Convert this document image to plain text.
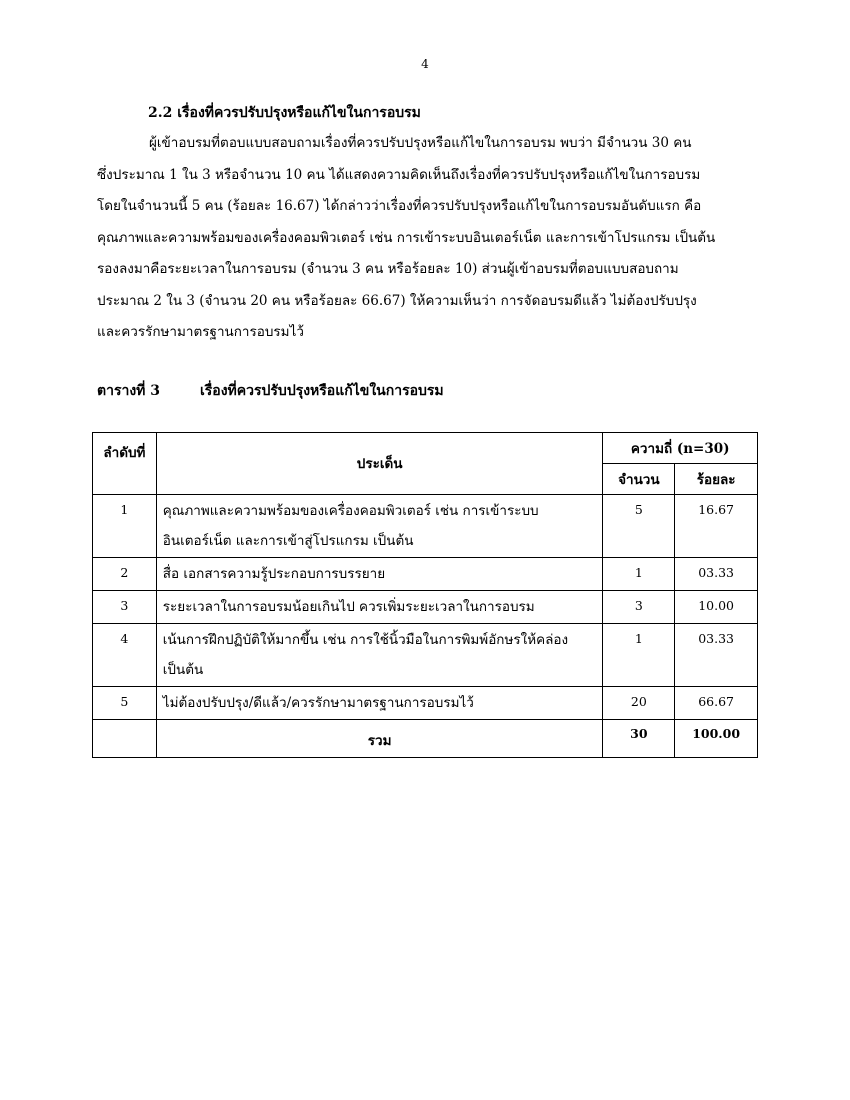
4
2.2 เรื่องที่ควรปรับปรุงหรือแก้ไขในการอบรม
ผู้เข้าอบรมที่ตอบแบบสอบถามเรื่องที่ควรปรับปรุงหรือแก้ไขในการอบรม พบว่า มีจำนวน 30 คน
ซึ่งประมาณ 1 ใน 3 หรือจำนวน 10 คน ได้แสดงความคิดเห็นถึงเรื่องที่ควรปรับปรุงหรือแก้ไขในการอบรม
โดยในจำนวนนี้ 5 คน (ร้อยละ 16.67) ได้กล่าวว่าเรื่องที่ควรปรับปรุงหรือแก้ไขในการอบรมอันดับแรก คือ
คุณภาพและความพร้อมของเครื่องคอมพิวเตอร์ เช่น การเข้าระบบอินเตอร์เน็ต และการเข้าโปรแกรม เป็นต้น
รองลงมาคือระยะเวลาในการอบรม (จำนวน 3 คน หรือร้อยละ 10) ส่วนผู้เข้าอบรมที่ตอบแบบสอบถาม
ประมาณ 2 ใน 3 (จำนวน 20 คน หรือร้อยละ 66.67) ให้ความเห็นว่า การจัดอบรมดีแล้ว ไม่ต้องปรับปรุง
และควรรักษามาตรฐานการอบรมไว้
ตารางที่ 3	เรื่องที่ควรปรับปรุงหรือแก้ไขในการอบรม
ลำดับที่	ประเด็น	ความถี่ (n=30)	
		จำนวน	ร้อยละ
1	คุณภาพและความพร้อมของเครื่องคอมพิวเตอร์ เช่น การเข้าระบบ
อินเตอร์เน็ต และการเข้าสู่โปรแกรม เป็นต้น	5	16.67
2	สื่อ เอกสารความรู้ประกอบการบรรยาย	1	03.33
3	ระยะเวลาในการอบรมน้อยเกินไป ควรเพิ่มระยะเวลาในการอบรม	3	10.00
4	เน้นการฝึกปฏิบัติให้มากขึ้น เช่น การใช้นิ้วมือในการพิมพ์อักษรให้คล่อง
เป็นต้น	1	03.33
5	ไม่ต้องปรับปรุง/ดีแล้ว/ควรรักษามาตรฐานการอบรมไว้	20	66.67
	รวม	30	100.00
